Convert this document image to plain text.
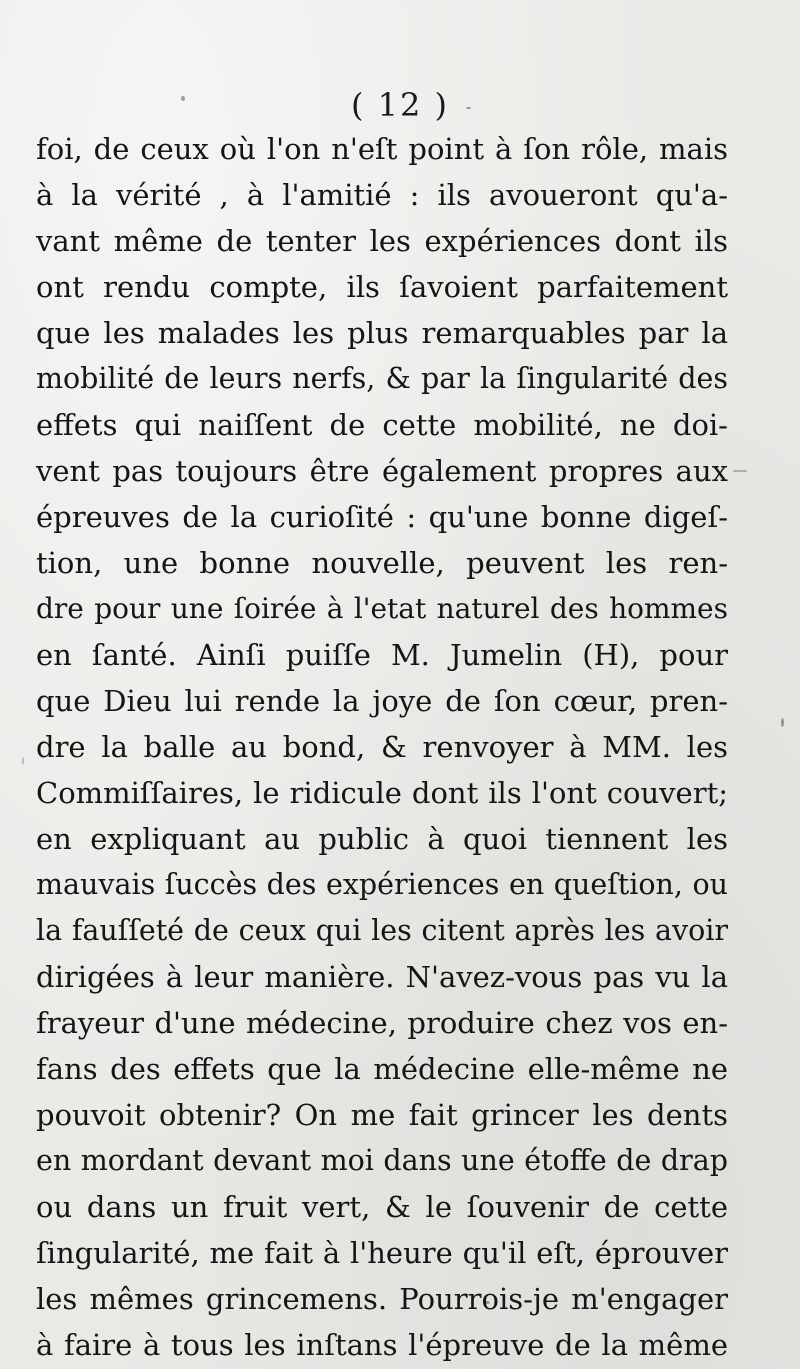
( 12 )
foi, de ceux où l'on n'eſt point à ſon rôle, mais
à la vérité , à l'amitié : ils avoueront qu'a-
vant même de tenter les expériences dont ils
ont rendu compte, ils ſavoient parfaitement
que les malades les plus remarquables par la
mobilité de leurs nerfs, & par la ſingularité des
effets qui naiſſent de cette mobilité, ne doi-
vent pas toujours être également propres aux
épreuves de la curioſité : qu'une bonne digeſ-
tion, une bonne nouvelle, peuvent les ren-
dre pour une ſoirée à l'etat naturel des hommes
en ſanté. Ainſi puiſſe M. Jumelin (H), pour
que Dieu lui rende la joye de ſon cœur, pren-
dre la balle au bond, & renvoyer à MM. les
Commiſſaires, le ridicule dont ils l'ont couvert;
en expliquant au public à quoi tiennent les
mauvais ſuccès des expériences en queſtion, ou
la fauſſeté de ceux qui les citent après les avoir
dirigées à leur manière. N'avez-vous pas vu la
frayeur d'une médecine, produire chez vos en-
fans des effets que la médecine elle-même ne
pouvoit obtenir? On me fait grincer les dents
en mordant devant moi dans une étoffe de drap
ou dans un fruit vert, & le ſouvenir de cette
ſingularité, me fait à l'heure qu'il eſt, éprouver
les mêmes grincemens. Pourrois-je m'engager
à faire à tous les inſtans l'épreuve de la même
